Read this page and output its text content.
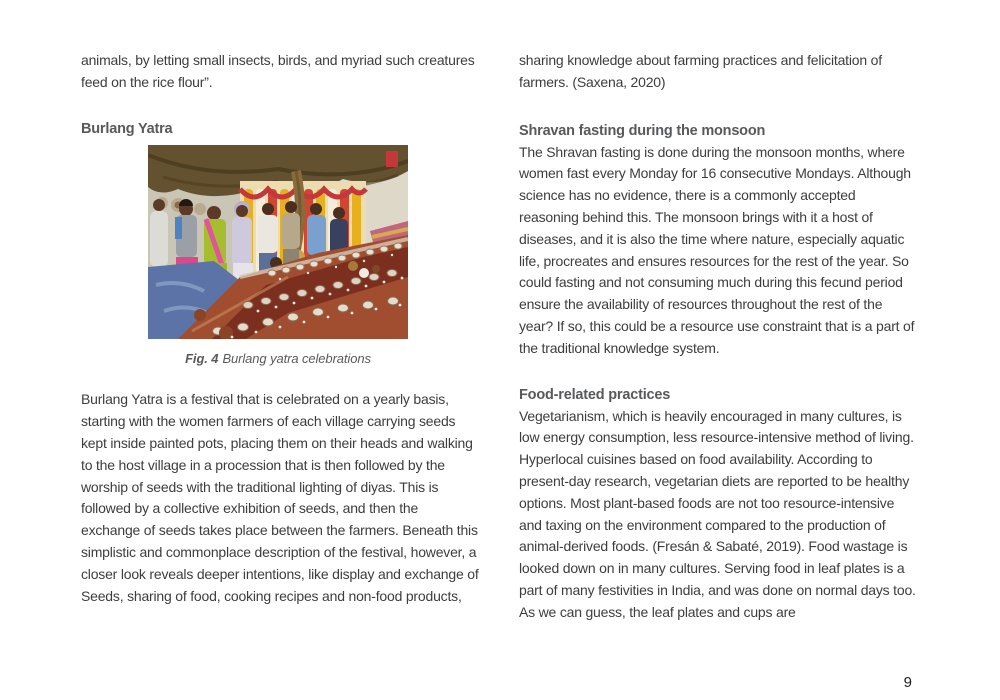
animals, by letting small insects, birds, and myriad such creatures feed on the rice flour”.

Burlang Yatra
Fig. 4 Burlang yatra celebrations

Burlang Yatra is a festival that is celebrated on a yearly basis, starting with the women farmers of each village carrying seeds kept inside painted pots, placing them on their heads and walking to the host village in a procession that is then followed by the worship of seeds with the traditional lighting of diyas. This is followed by a collective exhibition of seeds, and then the exchange of seeds takes place between the farmers. Beneath this simplistic and commonplace description of the festival, however, a closer look reveals deeper intentions, like display and exchange of Seeds, sharing of food, cooking recipes and non-food products,

sharing knowledge about farming practices and felicitation of farmers. (Saxena, 2020)

Shravan fasting during the monsoon

The Shravan fasting is done during the monsoon months, where women fast every Monday for 16 consecutive Mondays. Although science has no evidence, there is a commonly accepted reasoning behind this. The monsoon brings with it a host of diseases, and it is also the time where nature, especially aquatic life, procreates and ensures resources for the rest of the year. So could fasting and not consuming much during this fecund period ensure the availability of resources throughout the rest of the year? If so, this could be a resource use constraint that is a part of the traditional knowledge system.

Food-related practices

Vegetarianism, which is heavily encouraged in many cultures, is low energy consumption, less resource-intensive method of living. Hyperlocal cuisines based on food availability. According to present-day research, vegetarian diets are reported to be healthy options. Most plant-based foods are not too resource-intensive and taxing on the environment compared to the production of animal-derived foods. (Fresán & Sabaté, 2019). Food wastage is looked down on in many cultures. Serving food in leaf plates is a part of many festivities in India, and was done on normal days too. As we can guess, the leaf plates and cups are

9
